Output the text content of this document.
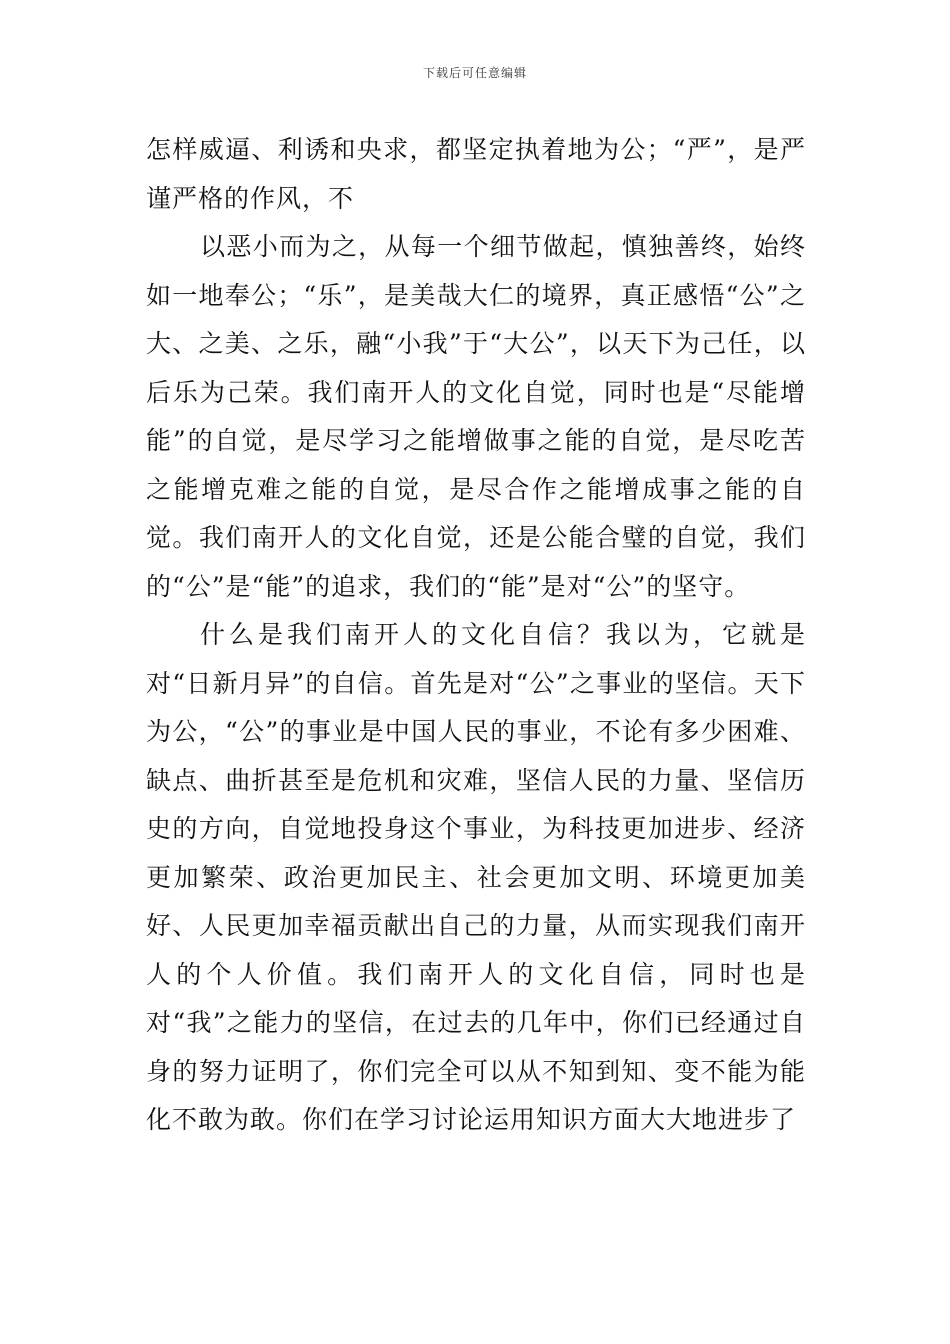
下载后可任意编辑

怎样威逼、利诱和央求，都坚定执着地为公；“严”，是严谨严格的作风，不

以恶小而为之，从每一个细节做起，慎独善终，始终如一地奉公；“乐”，是美哉大仁的境界，真正感悟“公”之大、之美、之乐，融“小我”于“大公”，以天下为己任，以后乐为己荣。我们南开人的文化自觉，同时也是“尽能增能”的自觉，是尽学习之能增做事之能的自觉，是尽吃苦之能增克难之能的自觉，是尽合作之能增成事之能的自觉。我们南开人的文化自觉，还是公能合璧的自觉，我们的“公”是“能”的追求，我们的“能”是对“公”的坚守。

什么是我们南开人的文化自信？我以为，它就是对“日新月异”的自信。首先是对“公”之事业的坚信。天下为公，“公”的事业是中国人民的事业，不论有多少困难、缺点、曲折甚至是危机和灾难，坚信人民的力量、坚信历史的方向，自觉地投身这个事业，为科技更加进步、经济更加繁荣、政治更加民主、社会更加文明、环境更加美好、人民更加幸福贡献出自己的力量，从而实现我们南开人的个人价值。我们南开人的文化自信，同时也是对“我”之能力的坚信，在过去的几年中，你们已经通过自身的努力证明了，你们完全可以从不知到知、变不能为能化不敢为敢。你们在学习讨论运用知识方面大大地进步了
